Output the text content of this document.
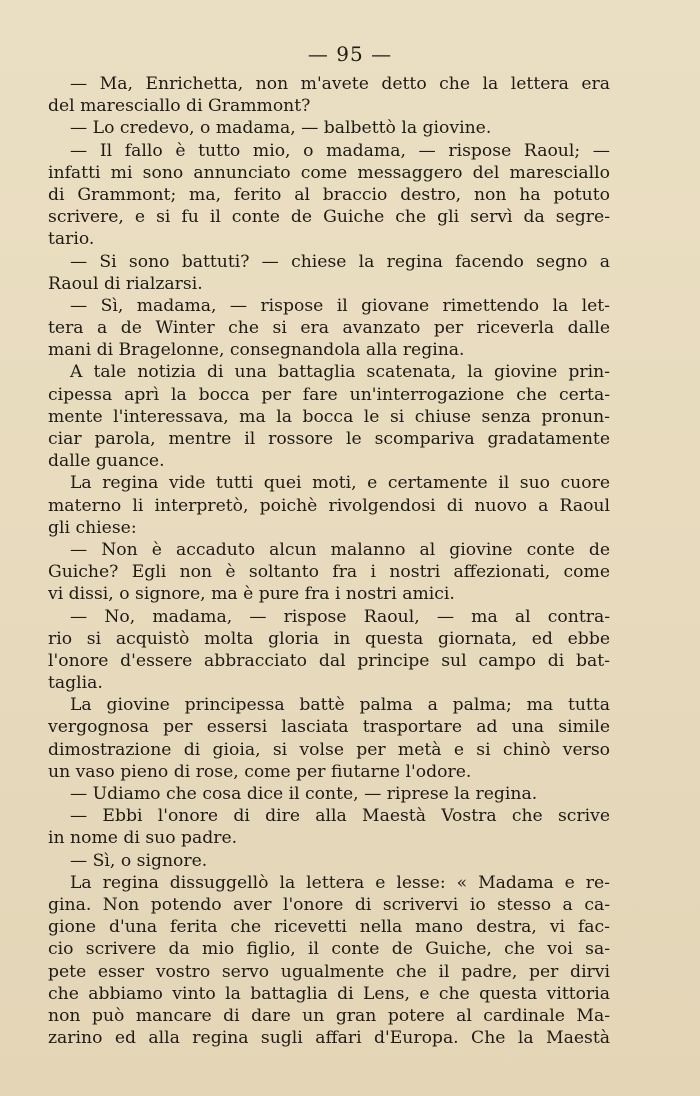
— 95 —
— Ma, Enrichetta, non m'avete detto che la lettera era
del maresciallo di Grammont?
— Lo credevo, o madama, — balbettò la giovine.
— Il fallo è tutto mio, o madama, — rispose Raoul; —
infatti mi sono annunciato come messaggero del maresciallo
di Grammont; ma, ferito al braccio destro, non ha potuto
scrivere, e si fu il conte de Guiche che gli servì da segre-
tario.
— Si sono battuti? — chiese la regina facendo segno a
Raoul di rialzarsi.
— Sì, madama, — rispose il giovane rimettendo la let-
tera a de Winter che si era avanzato per riceverla dalle
mani di Bragelonne, consegnandola alla regina.
A tale notizia di una battaglia scatenata, la giovine prin-
cipessa aprì la bocca per fare un'interrogazione che certa-
mente l'interessava, ma la bocca le si chiuse senza pronun-
ciar parola, mentre il rossore le scompariva gradatamente
dalle guance.
La regina vide tutti quei moti, e certamente il suo cuore
materno li interpretò, poichè rivolgendosi di nuovo a Raoul
gli chiese:
— Non è accaduto alcun malanno al giovine conte de
Guiche? Egli non è soltanto fra i nostri affezionati, come
vi dissi, o signore, ma è pure fra i nostri amici.
— No, madama, — rispose Raoul, — ma al contra-
rio si acquistò molta gloria in questa giornata, ed ebbe
l'onore d'essere abbracciato dal principe sul campo di bat-
taglia.
La giovine principessa battè palma a palma; ma tutta
vergognosa per essersi lasciata trasportare ad una simile
dimostrazione di gioia, si volse per metà e si chinò verso
un vaso pieno di rose, come per fiutarne l'odore.
— Udiamo che cosa dice il conte, — riprese la regina.
— Ebbi l'onore di dire alla Maestà Vostra che scrive
in nome di suo padre.
— Sì, o signore.
La regina dissuggellò la lettera e lesse: « Madama e re-
gina. Non potendo aver l'onore di scrivervi io stesso a ca-
gione d'una ferita che ricevetti nella mano destra, vi fac-
cio scrivere da mio figlio, il conte de Guiche, che voi sa-
pete esser vostro servo ugualmente che il padre, per dirvi
che abbiamo vinto la battaglia di Lens, e che questa vittoria
non può mancare di dare un gran potere al cardinale Ma-
zarino ed alla regina sugli affari d'Europa. Che la Maestà
